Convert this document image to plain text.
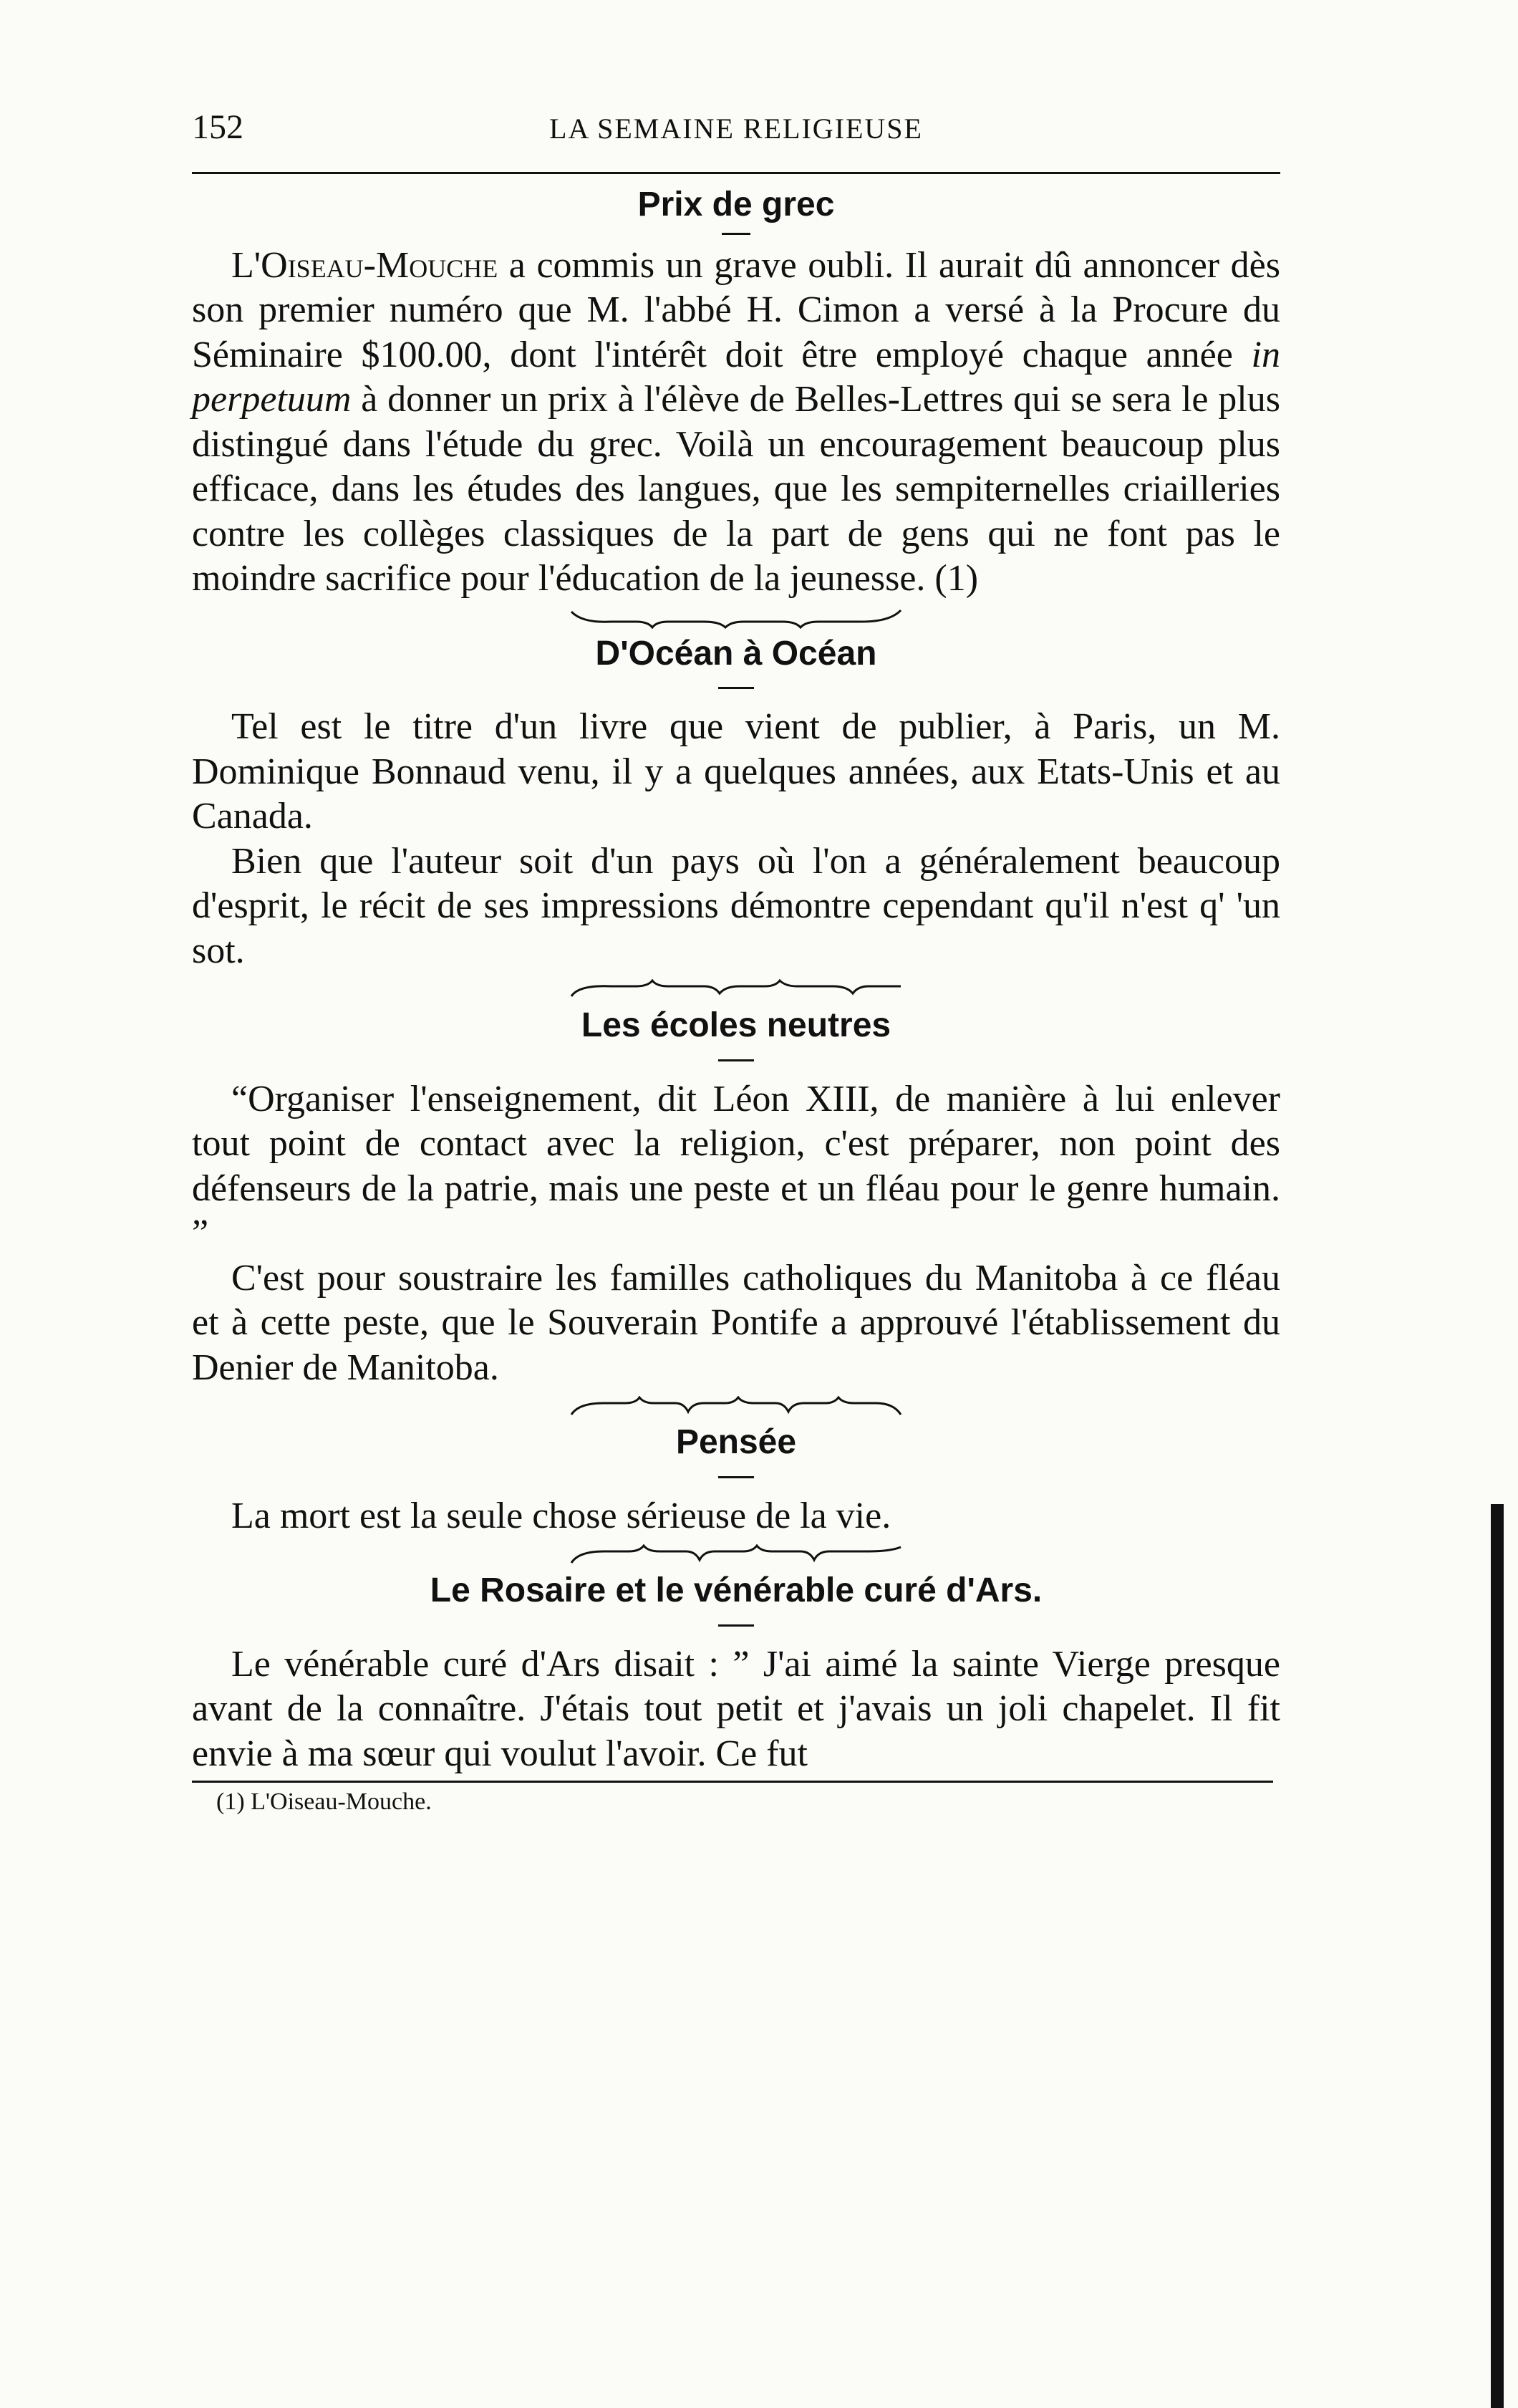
152	LA SEMAINE RELIGIEUSE
Prix de grec

L'Oiseau-Mouche a commis un grave oubli. Il aurait dû annoncer dès son premier numéro que M. l'abbé H. Cimon a versé à la Procure du Séminaire $100.00, dont l'intérêt doit être employé chaque année in perpetuum à donner un prix à l'élève de Belles-Lettres qui se sera le plus distingué dans l'étude du grec. Voilà un encouragement beaucoup plus efficace, dans les études des langues, que les sempiternelles criailleries contre les collèges classiques de la part de gens qui ne font pas le moindre sacrifice pour l'éducation de la jeunesse. (1)

D'Océan à Océan

Tel est le titre d'un livre que vient de publier, à Paris, un M. Dominique Bonnaud venu, il y a quelques années, aux Etats-Unis et au Canada.

Bien que l'auteur soit d'un pays où l'on a généralement beaucoup d'esprit, le récit de ses impressions démontre cependant qu'il n'est q' 'un sot.

Les écoles neutres

“Organiser l'enseignement, dit Léon XIII, de manière à lui enlever tout point de contact avec la religion, c'est préparer, non point des défenseurs de la patrie, mais une peste et un fléau pour le genre humain. ”

C'est pour soustraire les familles catholiques du Manitoba à ce fléau et à cette peste, que le Souverain Pontife a approuvé l'établissement du Denier de Manitoba.

Pensée

La mort est la seule chose sérieuse de la vie.

Le Rosaire et le vénérable curé d'Ars.

Le vénérable curé d'Ars disait : ” J'ai aimé la sainte Vierge presque avant de la connaître. J'étais tout petit et j'avais un joli chapelet. Il fit envie à ma sœur qui voulut l'avoir. Ce fut

(1) L'Oiseau-Mouche.
